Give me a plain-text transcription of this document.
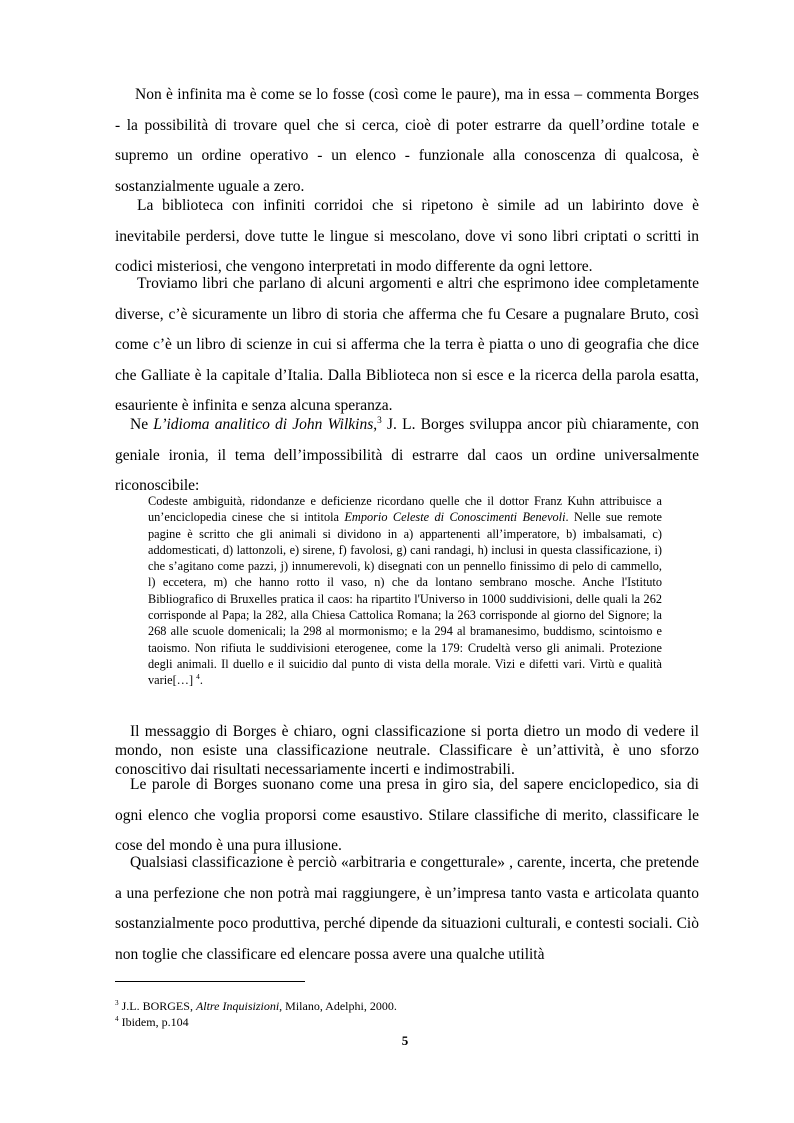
Non è infinita ma è come se lo fosse (così come le paure), ma in essa – commenta Borges - la possibilità di trovare quel che si cerca, cioè di poter estrarre da quell’ordine totale e supremo un ordine operativo - un elenco - funzionale alla conoscenza di qualcosa, è sostanzialmente uguale a zero.

La biblioteca con infiniti corridoi che si ripetono è simile ad un labirinto dove è inevitabile perdersi, dove tutte le lingue si mescolano, dove vi sono libri criptati o scritti in codici misteriosi, che vengono interpretati in modo differente da ogni lettore.

Troviamo libri che parlano di alcuni argomenti e altri che esprimono idee completamente diverse, c’è sicuramente un libro di storia che afferma che fu Cesare a pugnalare Bruto, così come c’è un libro di scienze in cui si afferma che la terra è piatta o uno di geografia che dice che Galliate è la capitale d’Italia. Dalla Biblioteca non si esce e la ricerca della parola esatta, esauriente è infinita e senza alcuna speranza.

Ne L’idioma analitico di John Wilkins,$^3$ J. L. Borges sviluppa ancor più chiaramente, con geniale ironia, il tema dell’impossibilità di estrarre dal caos un ordine universalmente riconoscibile:

Codeste ambiguità, ridondanze e deficienze ricordano quelle che il dottor Franz Kuhn attribuisce a un’enciclopedia cinese che si intitola Emporio Celeste di Conoscimenti Benevoli. Nelle sue remote pagine è scritto che gli animali si dividono in a) appartenenti all’imperatore, b) imbalsamati, c) addomesticati, d) lattonzoli, e) sirene, f) favolosi, g) cani randagi, h) inclusi in questa classificazione, i) che s’agitano come pazzi, j) innumerevoli, k) disegnati con un pennello finissimo di pelo di cammello, l) eccetera, m) che hanno rotto il vaso, n) che da lontano sembrano mosche. Anche l'Istituto Bibliografico di Bruxelles pratica il caos: ha ripartito l'Universo in 1000 suddivisioni, delle quali la 262 corrisponde al Papa; la 282, alla Chiesa Cattolica Romana; la 263 corrisponde al giorno del Signore; la 268 alle scuole domenicali; la 298 al mormonismo; e la 294 al bramanesimo, buddismo, scintoismo e taoismo. Non rifiuta le suddivisioni eterogenee, come la 179: Crudeltà verso gli animali. Protezione degli animali. Il duello e il suicidio dal punto di vista della morale. Vizi e difetti vari. Virtù e qualità varie[…] $^4$.

Il messaggio di Borges è chiaro, ogni classificazione si porta dietro un modo di vedere il mondo, non esiste una classificazione neutrale. Classificare è un’attività, è uno sforzo conoscitivo dai risultati necessariamente incerti e indimostrabili.

Le parole di Borges suonano come una presa in giro sia, del sapere enciclopedico, sia di ogni elenco che voglia proporsi come esaustivo. Stilare classifiche di merito, classificare le cose del mondo è una pura illusione.

Qualsiasi classificazione è perciò «arbitraria e congetturale» , carente, incerta, che pretende a una perfezione che non potrà mai raggiungere, è un’impresa tanto vasta e articolata quanto sostanzialmente poco produttiva, perché dipende da situazioni culturali, e contesti sociali. Ciò non toglie che classificare ed elencare possa avere una qualche utilità

$^3$ J.L. BORGES, Altre Inquisizioni, Milano, Adelphi, 2000.

$^4$ Ibidem, p.104

5
